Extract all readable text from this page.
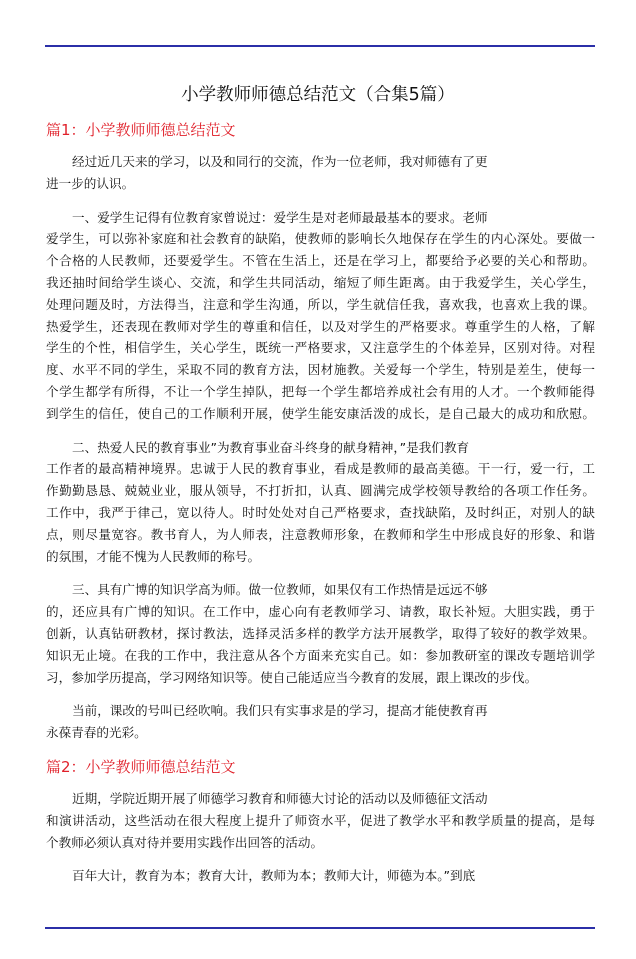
小学教师师德总结范文（合集5篇）
篇1：小学教师师德总结范文
经过近几天来的学习，以及和同行的交流，作为一位老师，我对师德有了更
进一步的认识。
一、爱学生记得有位教育家曾说过：爱学生是对老师最最基本的要求。老师
爱学生，可以弥补家庭和社会教育的缺陷，使教师的影响长久地保存在学生的内心深处。要做一
个合格的人民教师，还要爱学生。不管在生活上，还是在学习上，都要给予必要的关心和帮助。
我还抽时间给学生谈心、交流，和学生共同活动，缩短了师生距离。由于我爱学生，关心学生，
处理问题及时，方法得当，注意和学生沟通，所以，学生就信任我，喜欢我，也喜欢上我的课。
热爱学生，还表现在教师对学生的尊重和信任，以及对学生的严格要求。尊重学生的人格，了解
学生的个性，相信学生，关心学生，既统一严格要求，又注意学生的个体差异，区别对待。对程
度、水平不同的学生，采取不同的教育方法，因材施教。关爱每一个学生，特别是差生，使每一
个学生都学有所得，不让一个学生掉队，把每一个学生都培养成社会有用的人才。一个教师能得
到学生的信任，使自己的工作顺利开展，使学生能安康活泼的成长，是自己最大的成功和欣慰。
二、热爱人民的教育事业”为教育事业奋斗终身的献身精神，”是我们教育
工作者的最高精神境界。忠诚于人民的教育事业，看成是教师的最高美德。干一行，爱一行，工
作勤勤恳恳、兢兢业业，服从领导，不打折扣，认真、圆满完成学校领导教给的各项工作任务。
工作中，我严于律己，宽以待人。时时处处对自己严格要求，查找缺陷，及时纠正，对别人的缺
点，则尽量宽容。教书育人，为人师表，注意教师形象，在教师和学生中形成良好的形象、和谐
的氛围，才能不愧为人民教师的称号。
三、具有广博的知识学高为师。做一位教师，如果仅有工作热情是远远不够
的，还应具有广博的知识。在工作中，虚心向有老教师学习、请教，取长补短。大胆实践，勇于
创新，认真钻研教材，探讨教法，选择灵活多样的教学方法开展教学，取得了较好的教学效果。
知识无止境。在我的工作中，我注意从各个方面来充实自己。如：参加教研室的课改专题培训学
习，参加学历提高，学习网络知识等。使自己能适应当今教育的发展，跟上课改的步伐。
当前，课改的号叫已经吹响。我们只有实事求是的学习，提高才能使教育再
永葆青春的光彩。
篇2：小学教师师德总结范文
近期，学院近期开展了师德学习教育和师德大讨论的活动以及师德征文活动
和演讲活动，这些活动在很大程度上提升了师资水平，促进了教学水平和教学质量的提高，是每
个教师必须认真对待并要用实践作出回答的活动。
百年大计，教育为本；教育大计，教师为本；教师大计，师德为本。”到底
